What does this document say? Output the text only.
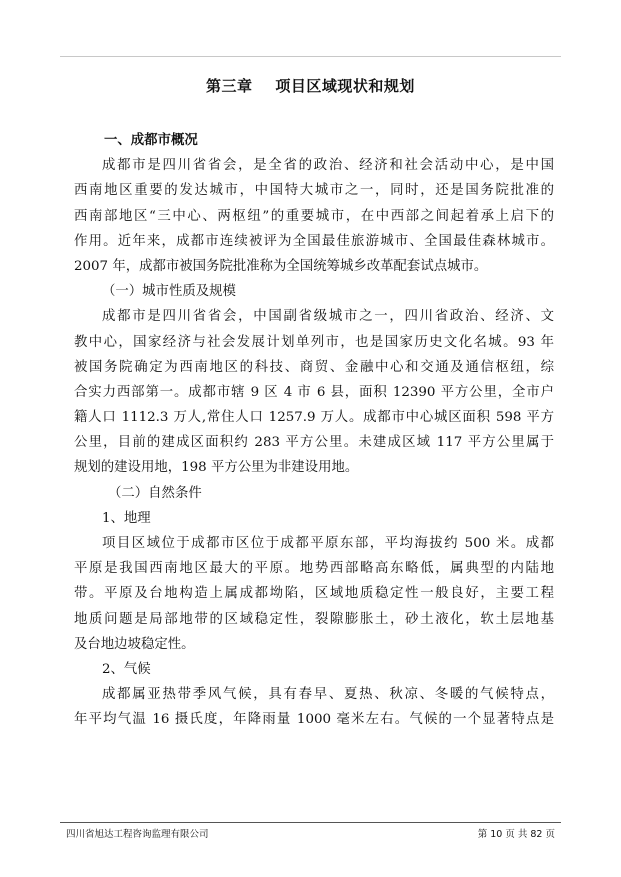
第三章    项目区域现状和规划
一、成都市概况
成都市是四川省省会，是全省的政治、经济和社会活动中心，是中国
西南地区重要的发达城市，中国特大城市之一，同时，还是国务院批准的
西南部地区“三中心、两枢纽”的重要城市，在中西部之间起着承上启下的
作用。近年来，成都市连续被评为全国最佳旅游城市、全国最佳森林城市。
2007 年，成都市被国务院批准称为全国统筹城乡改革配套试点城市。
（一）城市性质及规模
成都市是四川省省会，中国副省级城市之一，四川省政治、经济、文
教中心，国家经济与社会发展计划单列市，也是国家历史文化名城。93 年
被国务院确定为西南地区的科技、商贸、金融中心和交通及通信枢纽，综
合实力西部第一。成都市辖 9 区 4 市 6 县，面积 12390 平方公里，全市户
籍人口 1112.3 万人,常住人口 1257.9 万人。成都市中心城区面积 598 平方
公里，目前的建成区面积约 283 平方公里。未建成区域 117 平方公里属于
规划的建设用地，198 平方公里为非建设用地。
（二）自然条件
1、地理
项目区域位于成都市区位于成都平原东部，平均海拔约 500 米。成都
平原是我国西南地区最大的平原。地势西部略高东略低，属典型的内陆地
带。平原及台地构造上属成都坳陷，区域地质稳定性一般良好，主要工程
地质问题是局部地带的区域稳定性，裂隙膨胀土，砂土液化，软土层地基
及台地边坡稳定性。
2、气候
成都属亚热带季风气候，具有春早、夏热、秋凉、冬暖的气候特点，
年平均气温 16 摄氏度，年降雨量 1000 毫米左右。气候的一个显著特点是
四川省旭达工程咨询监理有限公司	第 10 页 共 82 页
